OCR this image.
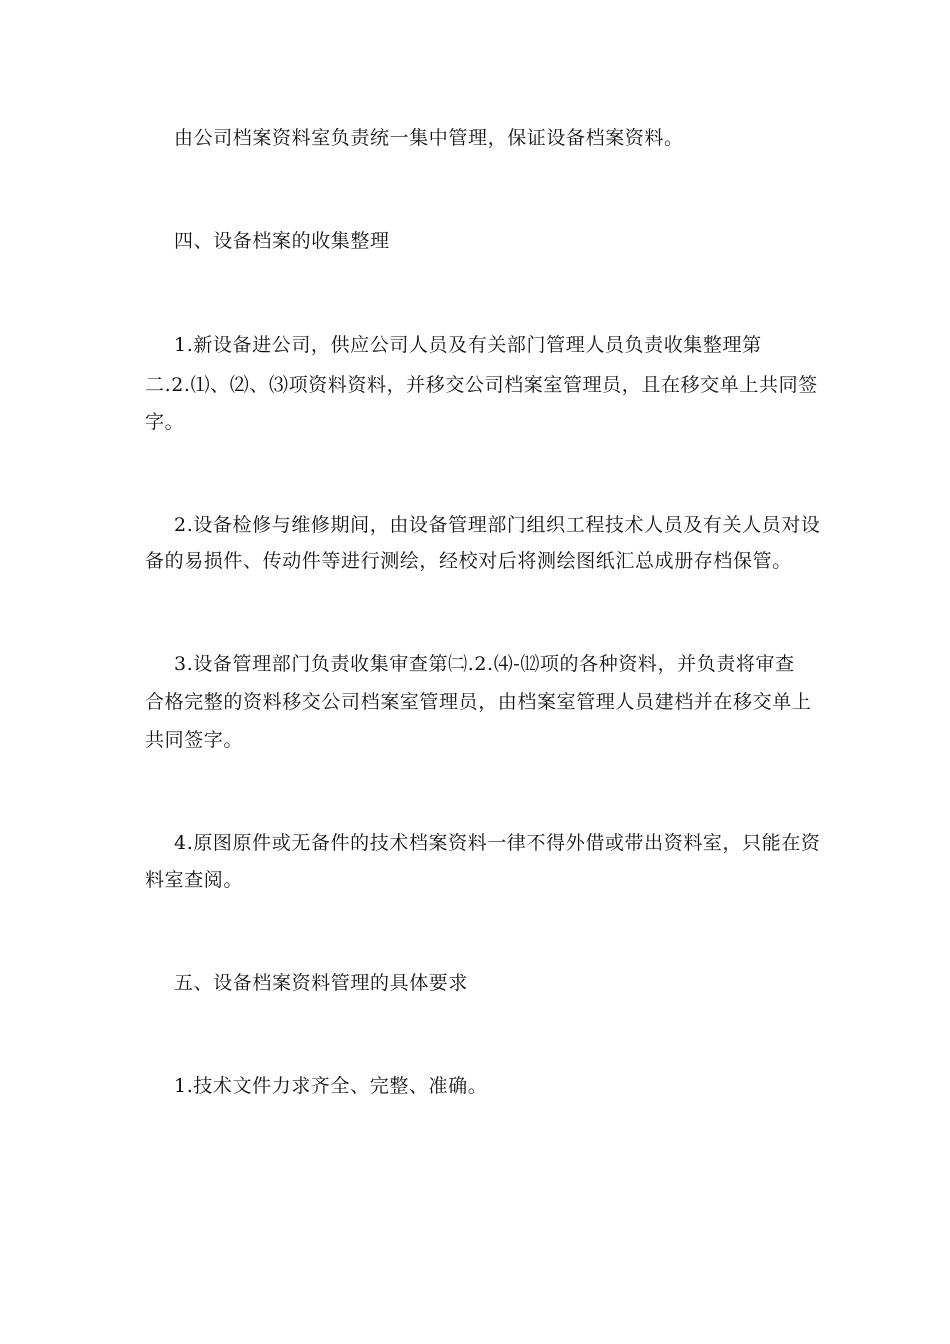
由公司档案资料室负责统一集中管理，保证设备档案资料。
四、设备档案的收集整理
1.新设备进公司，供应公司人员及有关部门管理人员负责收集整理第
二.2.⑴、⑵、⑶项资料资料，并移交公司档案室管理员，且在移交单上共同签
字。
2.设备检修与维修期间，由设备管理部门组织工程技术人员及有关人员对设
备的易损件、传动件等进行测绘，经校对后将测绘图纸汇总成册存档保管。
3.设备管理部门负责收集审查第㈡.2.⑷-⑿项的各种资料，并负责将审查
合格完整的资料移交公司档案室管理员，由档案室管理人员建档并在移交单上
共同签字。
4.原图原件或无备件的技术档案资料一律不得外借或带出资料室，只能在资
料室查阅。
五、设备档案资料管理的具体要求
1.技术文件力求齐全、完整、准确。
